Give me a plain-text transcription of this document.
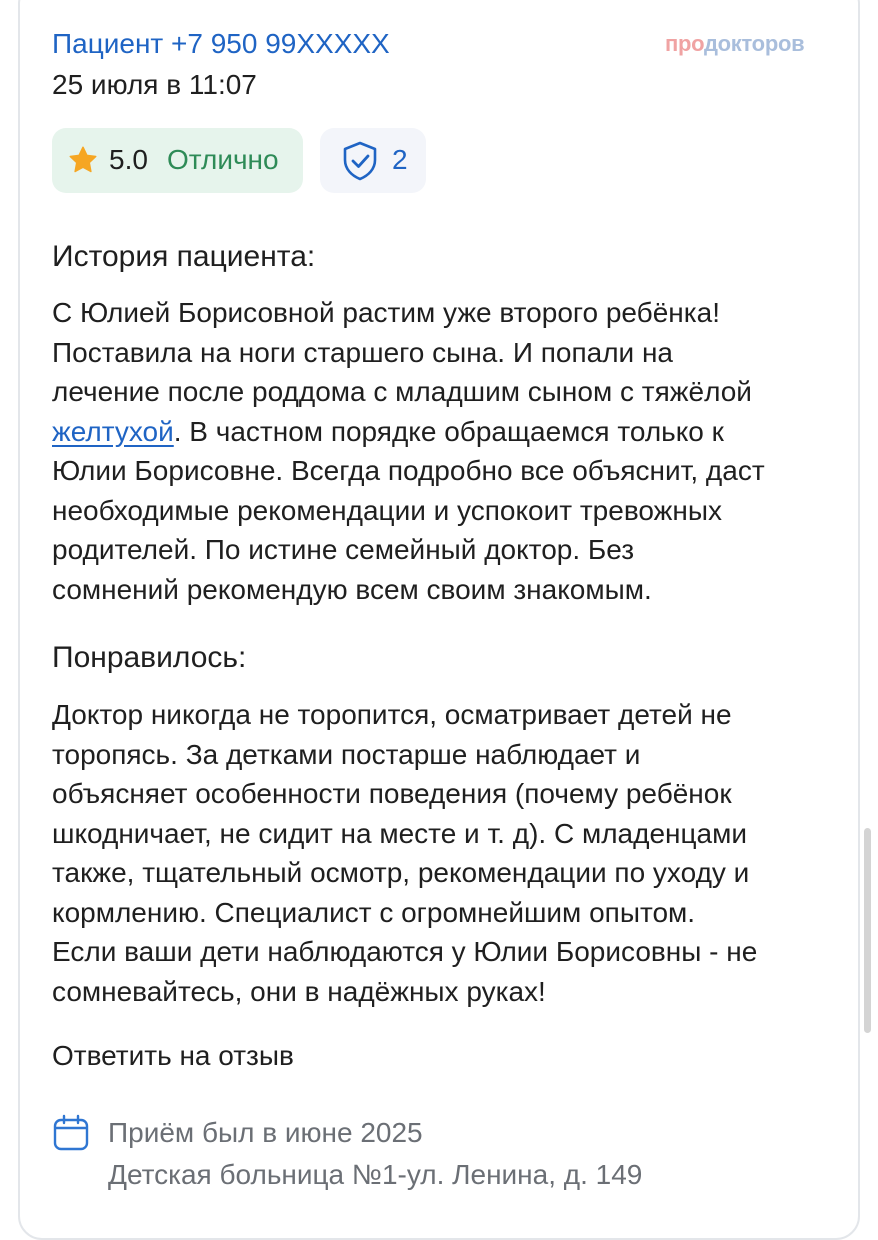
Пациент +7 950 99XXXXX
25 июля в 11:07
продокторов
5.0 Отлично	2
История пациента:
С Юлией Борисовной растим уже второго ребёнка!
Поставила на ноги старшего сына. И попали на
лечение после роддома с младшим сыном с тяжёлой
желтухой. В частном порядке обращаемся только к
Юлии Борисовне. Всегда подробно все объяснит, даст
необходимые рекомендации и успокоит тревожных
родителей. По истине семейный доктор. Без
сомнений рекомендую всем своим знакомым.
Понравилось:
Доктор никогда не торопится, осматривает детей не
торопясь. За детками постарше наблюдает и
объясняет особенности поведения (почему ребёнок
шкодничает, не сидит на месте и т. д). С младенцами
также, тщательный осмотр, рекомендации по уходу и
кормлению. Специалист с огромнейшим опытом.
Если ваши дети наблюдаются у Юлии Борисовны - не
сомневайтесь, они в надёжных руках!
Ответить на отзыв
Приём был в июне 2025
Детская больница №1-ул. Ленина, д. 149
